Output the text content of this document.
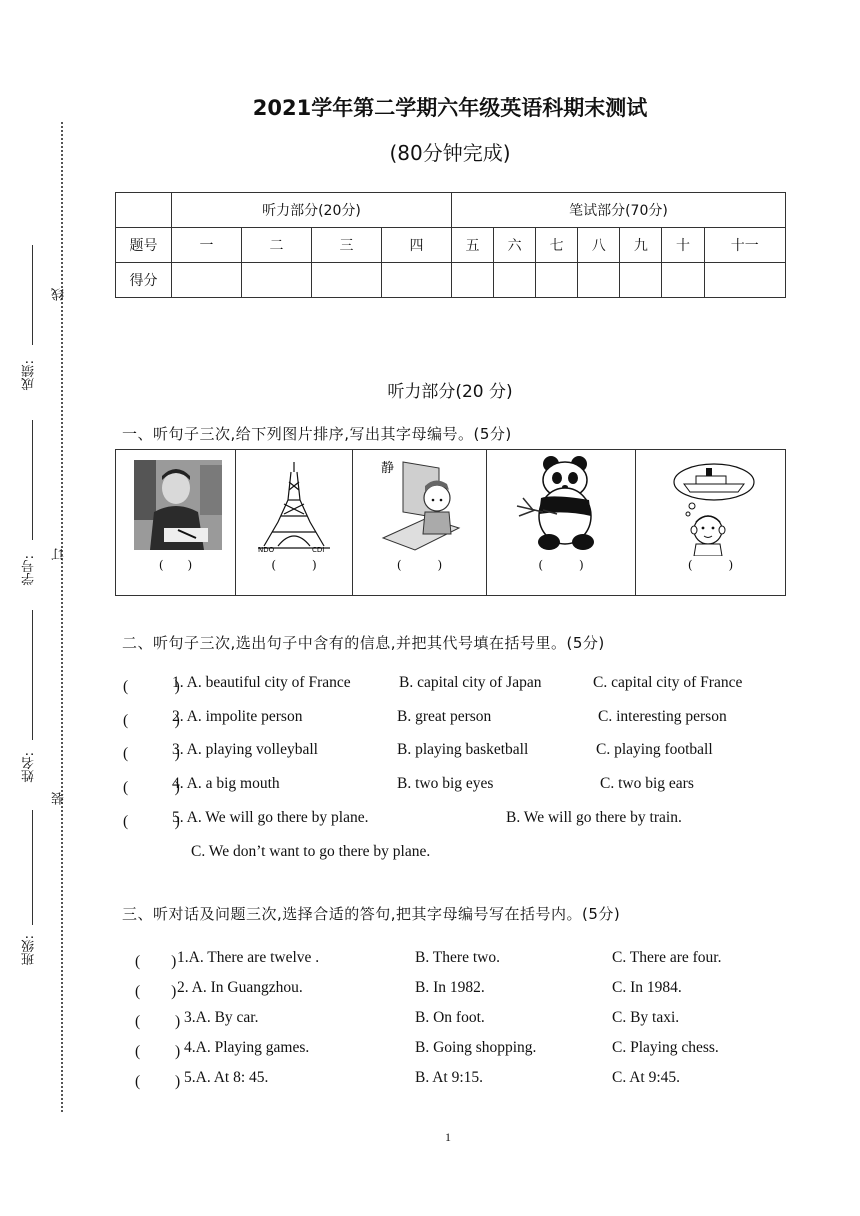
成绩:
学号:
姓名:
班级:
线
订
装
2021学年第二学期六年级英语科期末测试
(80分钟完成)
	听力部分(20分)				笔试部分(70分)						
题号	一	二	三	四	五	六	七	八	九	十	十一
得分											
听力部分(20 分)
一、听句子三次,给下列图片排序,写出其字母编号。(5分)
(　　)
NDO	CDI
(　　　)
静
(　　　)	(　　　)	(　　　)
二、听句子三次,选出句子中含有的信息,并把其代号填在括号里。(5分)
(　　　)
1. A. beautiful city of France	B. capital city of Japan	C. capital city of France
(　　　)
2. A. impolite person	B. great person	C. interesting person
(　　　)
3. A. playing volleyball	B. playing basketball	C. playing football
(　　　)
4. A. a big mouth	B. two big eyes	C. two big ears
(　　　)
5. A. We will go there by plane.	B. We will go there by train.
C. We don’t want to go there by plane.
三、听对话及问题三次,选择合适的答句,把其字母编号写在括号内。(5分)
(　　) 1.A. There are twelve .	B. There two.	C. There are four.
(　　) 2. A. In Guangzhou.	B. In 1982.	C. In 1984.
(　　 ) 3.A. By car.	B. On foot.	C. By taxi.
(　　 ) 4.A. Playing games.	B. Going shopping.	C. Playing chess.
(　　 ) 5.A. At 8: 45.	B. At 9:15.	C. At 9:45.
1
